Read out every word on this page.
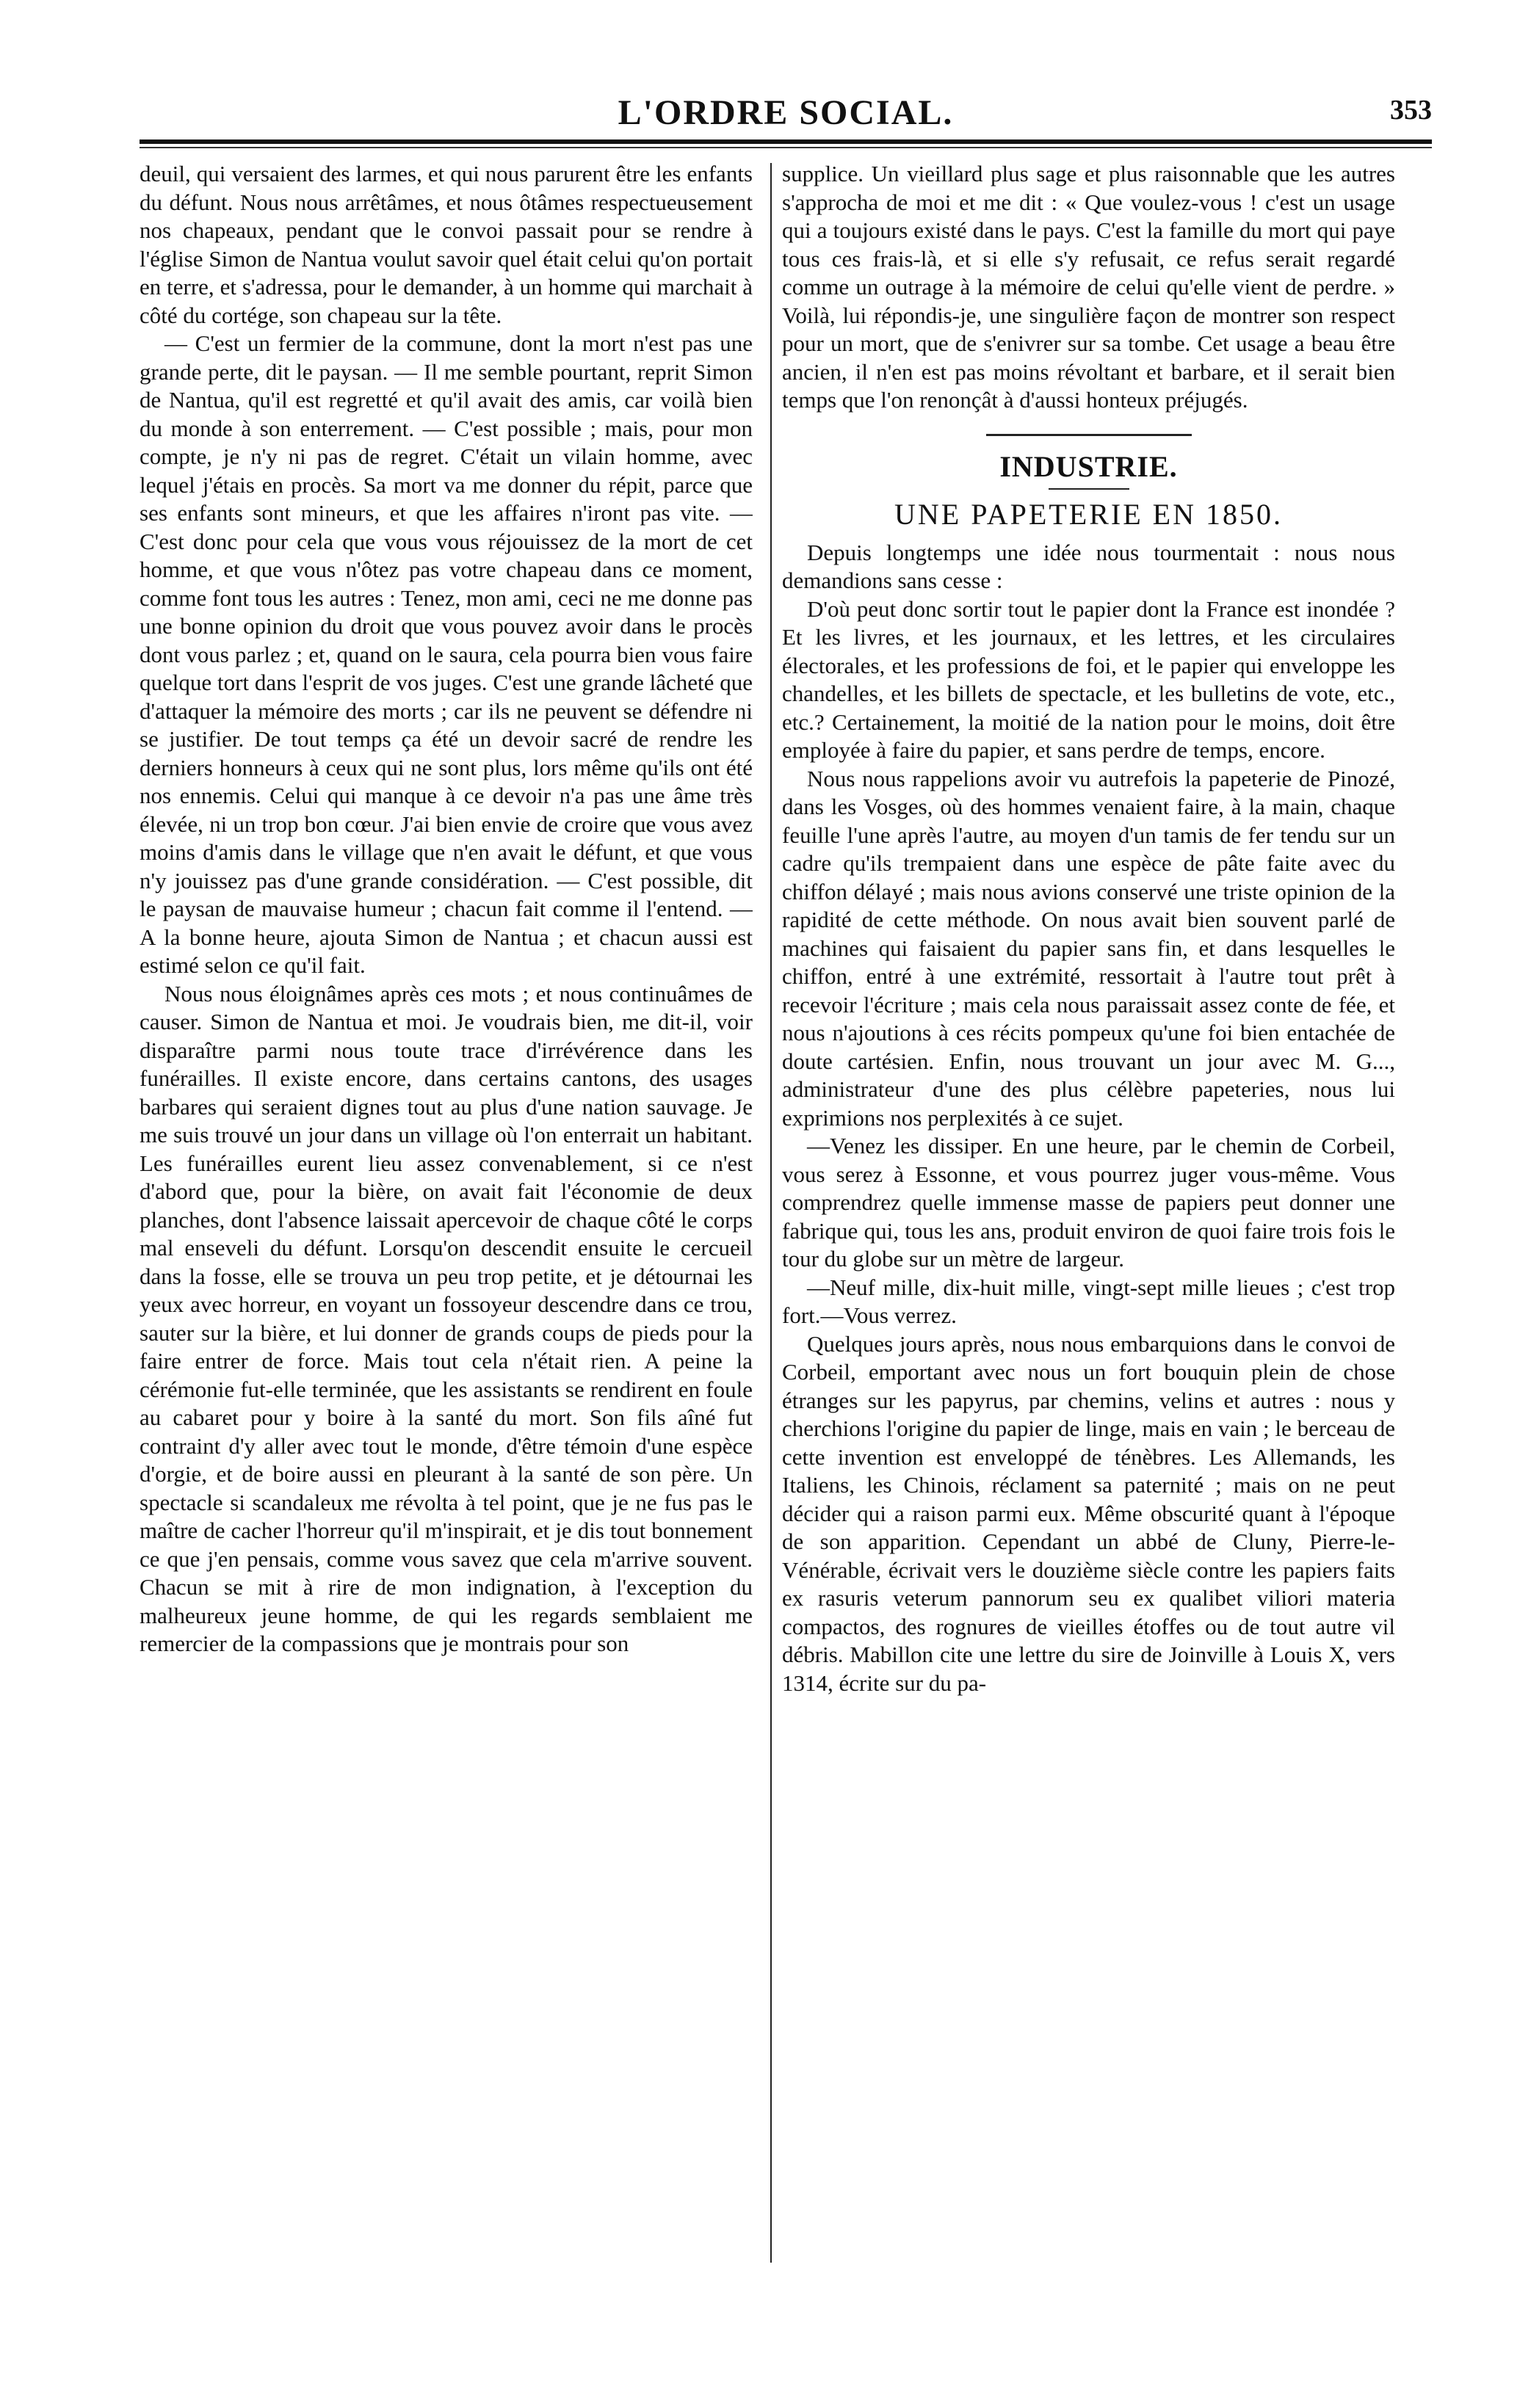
L'ORDRE SOCIAL.	353

deuil, qui versaient des larmes, et qui nous parurent être les enfants du défunt. Nous nous arrêtâmes, et nous ôtâmes respectueusement nos chapeaux, pendant que le convoi passait pour se rendre à l'église Simon de Nantua voulut savoir quel était celui qu'on portait en terre, et s'adressa, pour le demander, à un homme qui marchait à côté du cortége, son chapeau sur la tête.

— C'est un fermier de la commune, dont la mort n'est pas une grande perte, dit le paysan. — Il me semble pourtant, reprit Simon de Nantua, qu'il est regretté et qu'il avait des amis, car voilà bien du monde à son enterrement. — C'est possible ; mais, pour mon compte, je n'y ni pas de regret. C'était un vilain homme, avec lequel j'étais en procès. Sa mort va me donner du répit, parce que ses enfants sont mineurs, et que les affaires n'iront pas vite. — C'est donc pour cela que vous vous réjouissez de la mort de cet homme, et que vous n'ôtez pas votre chapeau dans ce moment, comme font tous les autres : Tenez, mon ami, ceci ne me donne pas une bonne opinion du droit que vous pouvez avoir dans le procès dont vous parlez ; et, quand on le saura, cela pourra bien vous faire quelque tort dans l'esprit de vos juges. C'est une grande lâcheté que d'attaquer la mémoire des morts ; car ils ne peuvent se défendre ni se justifier. De tout temps ça été un devoir sacré de rendre les derniers honneurs à ceux qui ne sont plus, lors même qu'ils ont été nos ennemis. Celui qui manque à ce devoir n'a pas une âme très élevée, ni un trop bon cœur. J'ai bien envie de croire que vous avez moins d'amis dans le village que n'en avait le défunt, et que vous n'y jouissez pas d'une grande considération. — C'est possible, dit le paysan de mauvaise humeur ; chacun fait comme il l'entend. — A la bonne heure, ajouta Simon de Nantua ; et chacun aussi est estimé selon ce qu'il fait.

Nous nous éloignâmes après ces mots ; et nous continuâmes de causer. Simon de Nantua et moi. Je voudrais bien, me dit-il, voir disparaître parmi nous toute trace d'irrévérence dans les funérailles. Il existe encore, dans certains cantons, des usages barbares qui seraient dignes tout au plus d'une nation sauvage. Je me suis trouvé un jour dans un village où l'on enterrait un habitant. Les funérailles eurent lieu assez convenablement, si ce n'est d'abord que, pour la bière, on avait fait l'économie de deux planches, dont l'absence laissait apercevoir de chaque côté le corps mal enseveli du défunt. Lorsqu'on descendit ensuite le cercueil dans la fosse, elle se trouva un peu trop petite, et je détournai les yeux avec horreur, en voyant un fossoyeur descendre dans ce trou, sauter sur la bière, et lui donner de grands coups de pieds pour la faire entrer de force. Mais tout cela n'était rien. A peine la cérémonie fut-elle terminée, que les assistants se rendirent en foule au cabaret pour y boire à la santé du mort. Son fils aîné fut contraint d'y aller avec tout le monde, d'être témoin d'une espèce d'orgie, et de boire aussi en pleurant à la santé de son père. Un spectacle si scandaleux me révolta à tel point, que je ne fus pas le maître de cacher l'horreur qu'il m'inspirait, et je dis tout bonnement ce que j'en pensais, comme vous savez que cela m'arrive souvent. Chacun se mit à rire de mon indignation, à l'exception du malheureux jeune homme, de qui les regards semblaient me remercier de la compassions que je montrais pour son

supplice. Un vieillard plus sage et plus raisonnable que les autres s'approcha de moi et me dit : « Que voulez-vous ! c'est un usage qui a toujours existé dans le pays. C'est la famille du mort qui paye tous ces frais-là, et si elle s'y refusait, ce refus serait regardé comme un outrage à la mémoire de celui qu'elle vient de perdre. » Voilà, lui répondis-je, une singulière façon de montrer son respect pour un mort, que de s'enivrer sur sa tombe. Cet usage a beau être ancien, il n'en est pas moins révoltant et barbare, et il serait bien temps que l'on renonçât à d'aussi honteux préjugés.

INDUSTRIE.
UNE PAPETERIE EN 1850.

Depuis longtemps une idée nous tourmentait : nous nous demandions sans cesse :

D'où peut donc sortir tout le papier dont la France est inondée ? Et les livres, et les journaux, et les lettres, et les circulaires électorales, et les professions de foi, et le papier qui enveloppe les chandelles, et les billets de spectacle, et les bulletins de vote, etc., etc.? Certainement, la moitié de la nation pour le moins, doit être employée à faire du papier, et sans perdre de temps, encore.

Nous nous rappelions avoir vu autrefois la papeterie de Pinozé, dans les Vosges, où des hommes venaient faire, à la main, chaque feuille l'une après l'autre, au moyen d'un tamis de fer tendu sur un cadre qu'ils trempaient dans une espèce de pâte faite avec du chiffon délayé ; mais nous avions conservé une triste opinion de la rapidité de cette méthode. On nous avait bien souvent parlé de machines qui faisaient du papier sans fin, et dans lesquelles le chiffon, entré à une extrémité, ressortait à l'autre tout prêt à recevoir l'écriture ; mais cela nous paraissait assez conte de fée, et nous n'ajoutions à ces récits pompeux qu'une foi bien entachée de doute cartésien. Enfin, nous trouvant un jour avec M. G..., administrateur d'une des plus célèbre papeteries, nous lui exprimions nos perplexités à ce sujet.

—Venez les dissiper. En une heure, par le chemin de Corbeil, vous serez à Essonne, et vous pourrez juger vous-même. Vous comprendrez quelle immense masse de papiers peut donner une fabrique qui, tous les ans, produit environ de quoi faire trois fois le tour du globe sur un mètre de largeur.

—Neuf mille, dix-huit mille, vingt-sept mille lieues ; c'est trop fort.—Vous verrez.

Quelques jours après, nous nous embarquions dans le convoi de Corbeil, emportant avec nous un fort bouquin plein de chose étranges sur les papyrus, par chemins, velins et autres : nous y cherchions l'origine du papier de linge, mais en vain ; le berceau de cette invention est enveloppé de ténèbres. Les Allemands, les Italiens, les Chinois, réclament sa paternité ; mais on ne peut décider qui a raison parmi eux. Même obscurité quant à l'époque de son apparition. Cependant un abbé de Cluny, Pierre-le-Vénérable, écrivait vers le douzième siècle contre les papiers faits ex rasuris veterum pannorum seu ex qualibet viliori materia compactos, des rognures de vieilles étoffes ou de tout autre vil débris. Mabillon cite une lettre du sire de Joinville à Louis X, vers 1314, écrite sur du pa-
